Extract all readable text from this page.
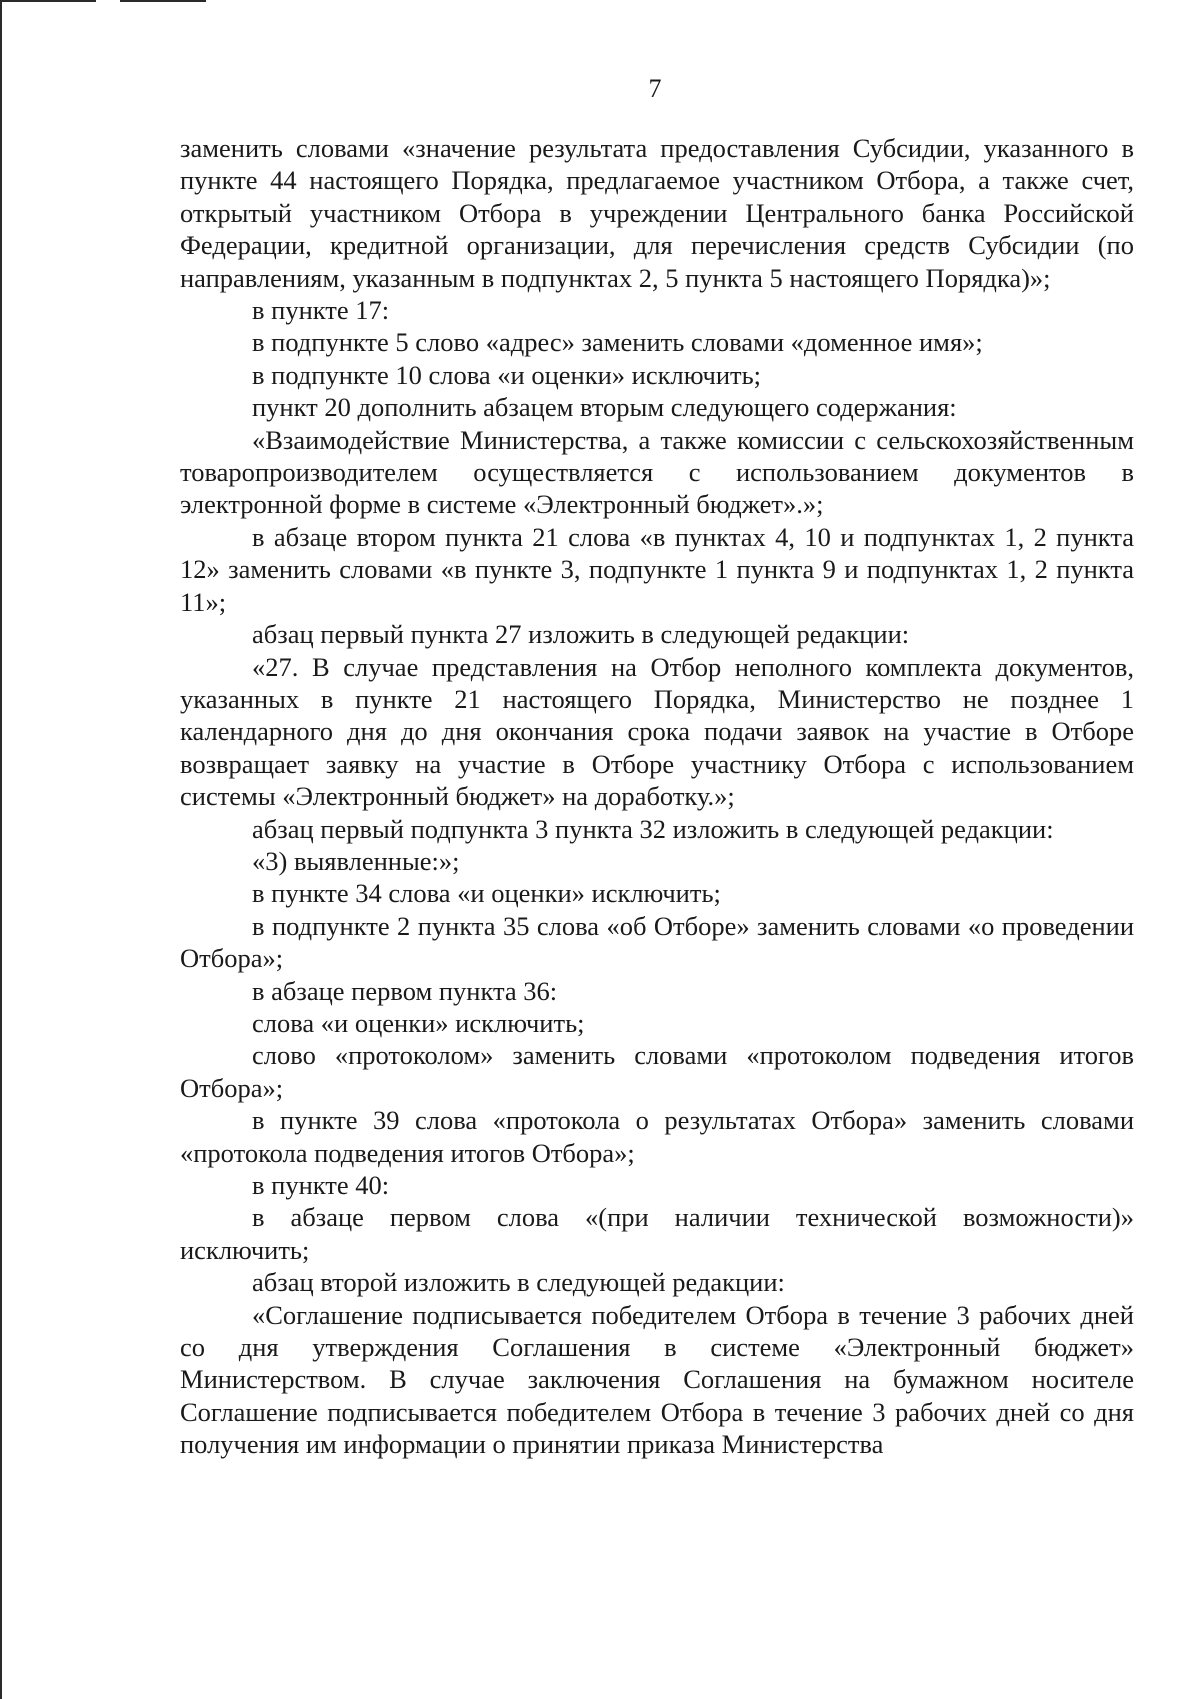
7

заменить словами «значение результата предоставления Субсидии, указанного в пункте 44 настоящего Порядка, предлагаемое участником Отбора, а также счет, открытый участником Отбора в учреждении Центрального банка Российской Федерации, кредитной организации, для перечисления средств Субсидии (по направлениям, указанным в подпунктах 2, 5 пункта 5 настоящего Порядка)»;

в пункте 17:

в подпункте 5 слово «адрес» заменить словами «доменное имя»;

в подпункте 10 слова «и оценки» исключить;

пункт 20 дополнить абзацем вторым следующего содержания:

«Взаимодействие Министерства, а также комиссии с сельскохозяйственным товаропроизводителем осуществляется с использованием документов в электронной форме в системе «Электронный бюджет».»;

в абзаце втором пункта 21 слова «в пунктах 4, 10 и подпунктах 1, 2 пункта 12» заменить словами «в пункте 3, подпункте 1 пункта 9 и подпунктах 1, 2 пункта 11»;

абзац первый пункта 27 изложить в следующей редакции:

«27. В случае представления на Отбор неполного комплекта документов, указанных в пункте 21 настоящего Порядка, Министерство не позднее 1 календарного дня до дня окончания срока подачи заявок на участие в Отборе возвращает заявку на участие в Отборе участнику Отбора с использованием системы «Электронный бюджет» на доработку.»;

абзац первый подпункта 3 пункта 32 изложить в следующей редакции:

«3) выявленные:»;

в пункте 34 слова «и оценки» исключить;

в подпункте 2 пункта 35 слова «об Отборе» заменить словами «о проведении Отбора»;

в абзаце первом пункта 36:

слова «и оценки» исключить;

слово «протоколом» заменить словами «протоколом подведения итогов Отбора»;

в пункте 39 слова «протокола о результатах Отбора» заменить словами «протокола подведения итогов Отбора»;

в пункте 40:

в абзаце первом слова «(при наличии технической возможности)» исключить;

абзац второй изложить в следующей редакции:

«Соглашение подписывается победителем Отбора в течение 3 рабочих дней со дня утверждения Соглашения в системе «Электронный бюджет» Министерством. В случае заключения Соглашения на бумажном носителе Соглашение подписывается победителем Отбора в течение 3 рабочих дней со дня получения им информации о принятии приказа Министерства
